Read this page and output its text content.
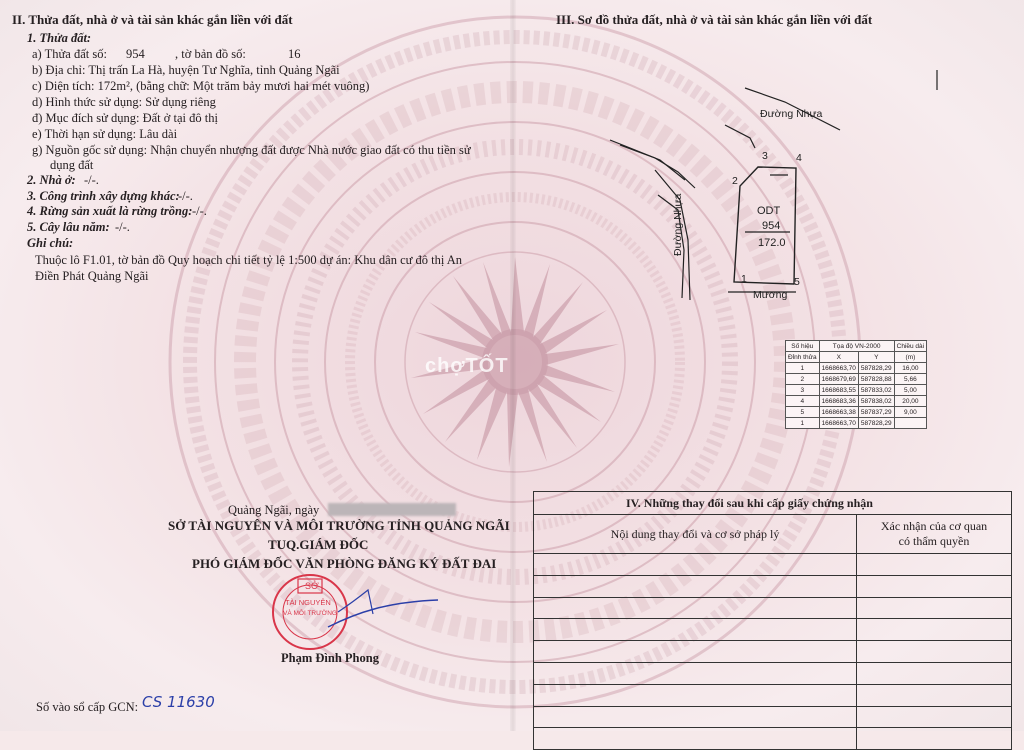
II. Thửa đất, nhà ở và tài sản khác gắn liền với đất
1. Thửa đất:
a) Thửa đất số: 954 , tờ bản đồ số:	16
b) Địa chỉ: Thị trấn La Hà, huyện Tư Nghĩa, tỉnh Quảng Ngãi
c) Diện tích: 172m², (bằng chữ: Một trăm bảy mươi hai mét vuông)
d) Hình thức sử dụng: Sử dụng riêng
đ) Mục đích sử dụng: Đất ở tại đô thị
e) Thời hạn sử dụng: Lâu dài
g) Nguồn gốc sử dụng: Nhận chuyển nhượng đất được Nhà nước giao đất có thu tiền sử
dụng đất
2. Nhà ở: -/-.
3. Công trình xây dựng khác:
-/-.
4. Rừng sản xuất là rừng trồng: -/-.
5. Cây lâu năm: -/-.
Ghi chú:
Thuộc lô F1.01, tờ bản đồ Quy hoạch chi tiết tỷ lệ 1:500 dự án: Khu dân cư đô thị An
Điền Phát Quảng Ngãi
III. Sơ đồ thửa đất, nhà ở và tài sản khác gắn liền với đất
Đường Nhựa
Đường Nhựa
Mương
ODT
954
172.0
1
2
3	4
5
Số hiệu	Tọa độ VN-2000		Chiều dài
Đỉnh thửa	X	Y	(m)
1	1668663,70	587828,29	16,00
2	1668679,69	587828,88	5,66
3	1668683,55	587833,02	5,00
4	1668683,36	587838,02	20,00
5	1668663,38	587837,29	9,00
1	1668663,70	587828,29	
chợTỐT
Quảng Ngãi, ngày
SỞ TÀI NGUYÊN VÀ MÔI TRƯỜNG TỈNH QUẢNG NGÃI
TUQ.GIÁM ĐỐC
PHÓ GIÁM ĐỐC VĂN PHÒNG ĐĂNG KÝ ĐẤT ĐAI
SỞ
TÀI NGUYÊN
VÀ MÔI TRƯỜNG
Phạm Đình Phong
IV. Những thay đổi sau khi cấp giấy chứng nhận	
Nội dung thay đổi và cơ sở pháp lý	Xác nhận của cơ quan
có thẩm quyền

Số vào sổ cấp GCN: CS 11630
